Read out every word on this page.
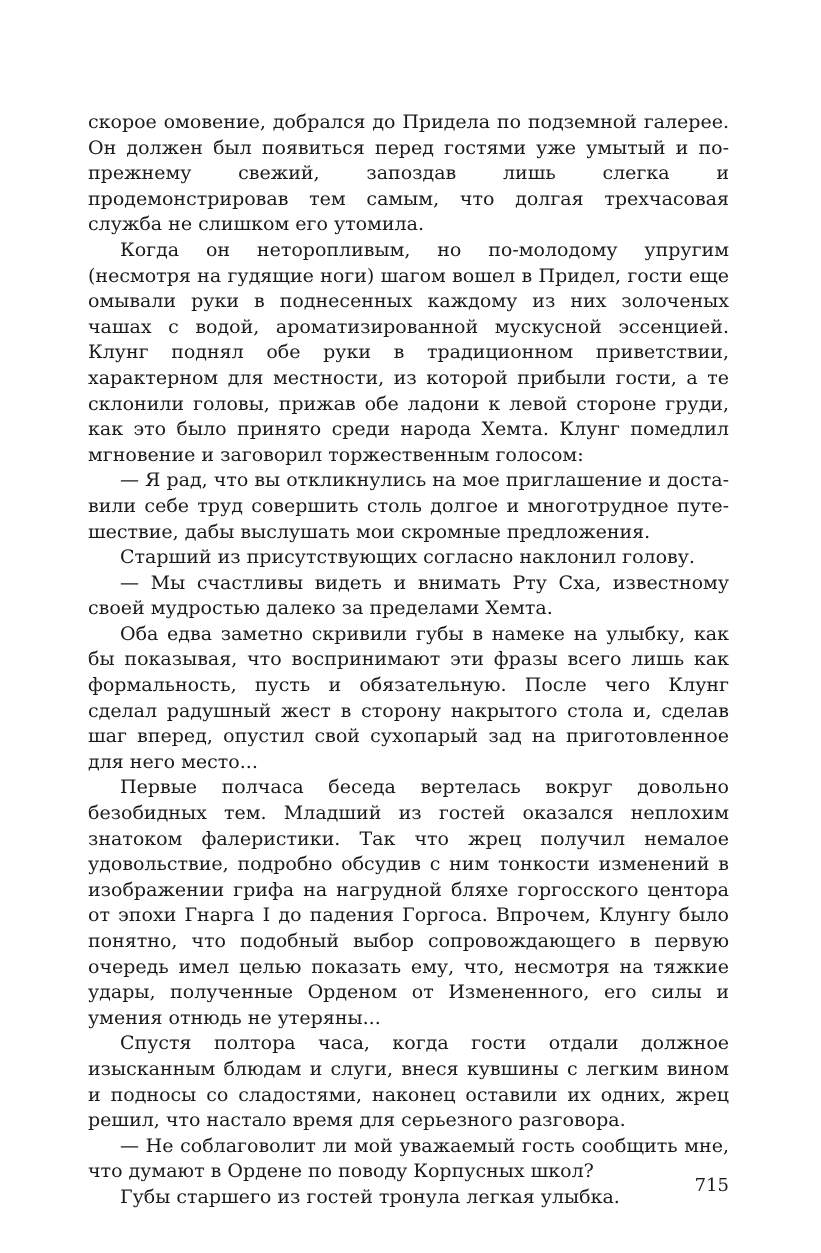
скорое омовение, добрался до Придела по подземной галерее. Он должен был появиться перед гостями уже умытый и попрежнему свежий, запоздав лишь слегка и продемонстрировав тем самым, что долгая трехчасовая служба не слишком его утомила.

Когда он неторопливым, но по-молодому упругим (несмотря на гудящие ноги) шагом вошел в Придел, гости еще омывали руки в поднесенных каждому из них золоченых чашах с водой, ароматизированной мускусной эссенцией. Клунг поднял обе руки в традиционном приветствии, характерном для местности, из которой прибыли гости, а те склонили головы, прижав обе ладони к левой стороне груди, как это было принято среди народа Хемта. Клунг помедлил мгновение и заговорил торжественным голосом:

— Я рад, что вы откликнулись на мое приглашение и доставили себе труд совершить столь долгое и многотрудное путешествие, дабы выслушать мои скромные предложения.

Старший из присутствующих согласно наклонил голову.

— Мы счастливы видеть и внимать Рту Сха, известному своей мудростью далеко за пределами Хемта.

Оба едва заметно скривили губы в намеке на улыбку, как бы показывая, что воспринимают эти фразы всего лишь как формальность, пусть и обязательную. После чего Клунг сделал радушный жест в сторону накрытого стола и, сделав шаг вперед, опустил свой сухопарый зад на приготовленное для него место...

Первые полчаса беседа вертелась вокруг довольно безобидных тем. Младший из гостей оказался неплохим знатоком фалеристики. Так что жрец получил немалое удовольствие, подробно обсудив с ним тонкости изменений в изображении грифа на нагрудной бляхе горгосского центора от эпохи Гнарга I до падения Горгоса. Впрочем, Клунгу было понятно, что подобный выбор сопровождающего в первую очередь имел целью показать ему, что, несмотря на тяжкие удары, полученные Орденом от Измененного, его силы и умения отнюдь не утеряны...

Спустя полтора часа, когда гости отдали должное изысканным блюдам и слуги, внеся кувшины с легким вином и подносы со сладостями, наконец оставили их одних, жрец решил, что настало время для серьезного разговора.

— Не соблаговолит ли мой уважаемый гость сообщить мне, что думают в Ордене по поводу Корпусных школ?

Губы старшего из гостей тронула легкая улыбка.

715
